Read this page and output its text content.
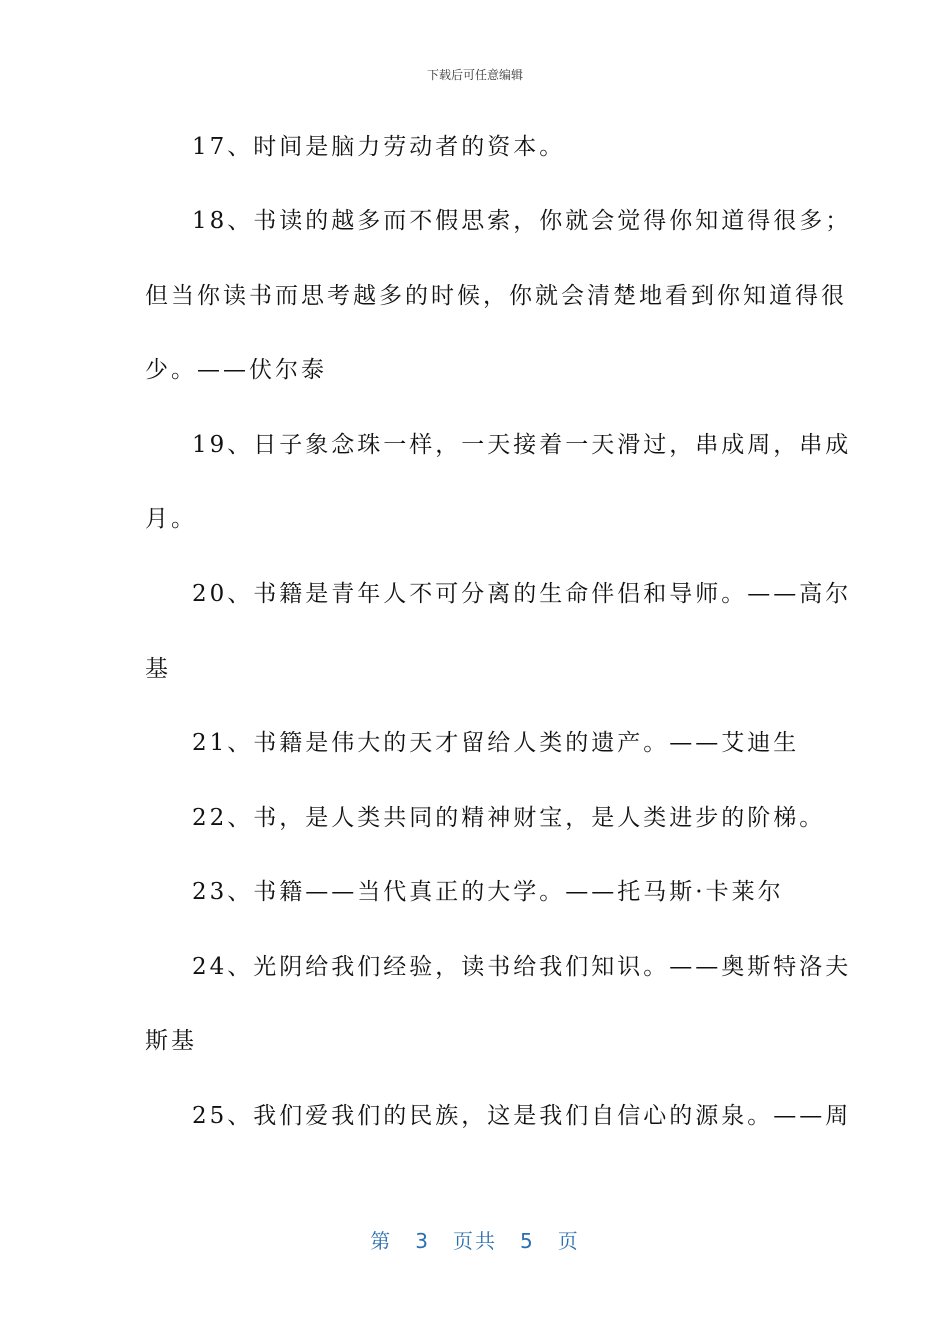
下载后可任意编辑
17、时间是脑力劳动者的资本。
18、书读的越多而不假思索，你就会觉得你知道得很多；
但当你读书而思考越多的时候，你就会清楚地看到你知道得很
少。——伏尔泰
19、日子象念珠一样，一天接着一天滑过，串成周，串成
月。
20、书籍是青年人不可分离的生命伴侣和导师。——高尔
基
21、书籍是伟大的天才留给人类的遗产。——艾迪生
22、书，是人类共同的精神财宝，是人类进步的阶梯。
23、书籍——当代真正的大学。——托马斯·卡莱尔
24、光阴给我们经验，读书给我们知识。——奥斯特洛夫
斯基
25、我们爱我们的民族，这是我们自信心的源泉。——周
第 3 页共 5 页
